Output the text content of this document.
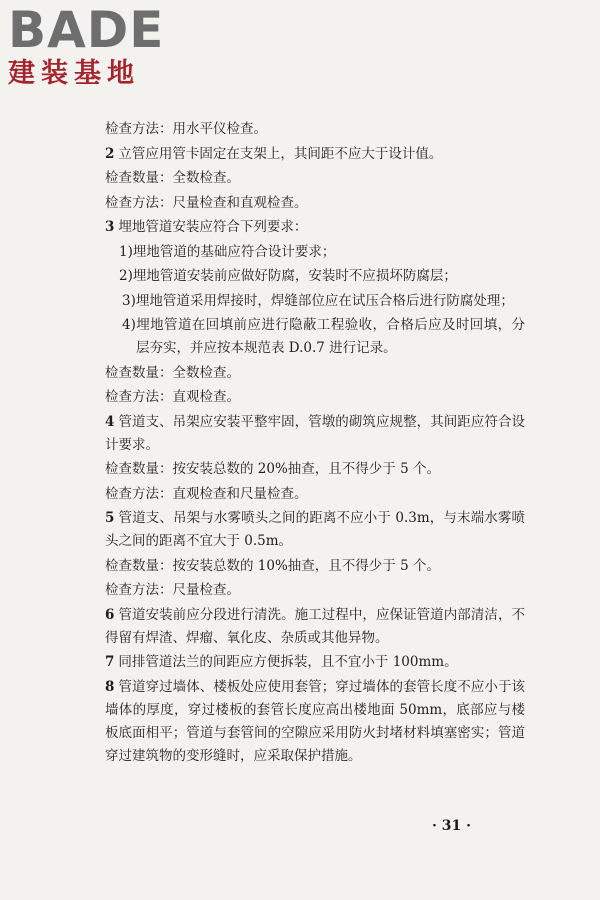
BADE
建装基地
检查方法：用水平仪检查。
2 立管应用管卡固定在支架上，其间距不应大于设计值。
检查数量：全数检查。
检查方法：尺量检查和直观检查。
3 埋地管道安装应符合下列要求：
1)埋地管道的基础应符合设计要求；
2)埋地管道安装前应做好防腐，安装时不应损坏防腐层；
3)埋地管道采用焊接时，焊缝部位应在试压合格后进行防腐处理；
4)埋地管道在回填前应进行隐蔽工程验收，合格后应及时回填，分层夯实，并应按本规范表 D.0.7 进行记录。
检查数量：全数检查。
检查方法：直观检查。
4 管道支、吊架应安装平整牢固，管墩的砌筑应规整，其间距应符合设计要求。
检查数量：按安装总数的 20%抽查，且不得少于 5 个。
检查方法：直观检查和尺量检查。
5 管道支、吊架与水雾喷头之间的距离不应小于 0.3m，与末端水雾喷头之间的距离不宜大于 0.5m。
检查数量：按安装总数的 10%抽查，且不得少于 5 个。
检查方法：尺量检查。
6 管道安装前应分段进行清洗。施工过程中，应保证管道内部清洁，不得留有焊渣、焊瘤、氧化皮、杂质或其他异物。
7 同排管道法兰的间距应方便拆装，且不宜小于 100mm。
8 管道穿过墙体、楼板处应使用套管；穿过墙体的套管长度不应小于该墙体的厚度，穿过楼板的套管长度应高出楼地面 50mm，底部应与楼板底面相平；管道与套管间的空隙应采用防火封堵材料填塞密实；管道穿过建筑物的变形缝时，应采取保护措施。
· 31 ·
